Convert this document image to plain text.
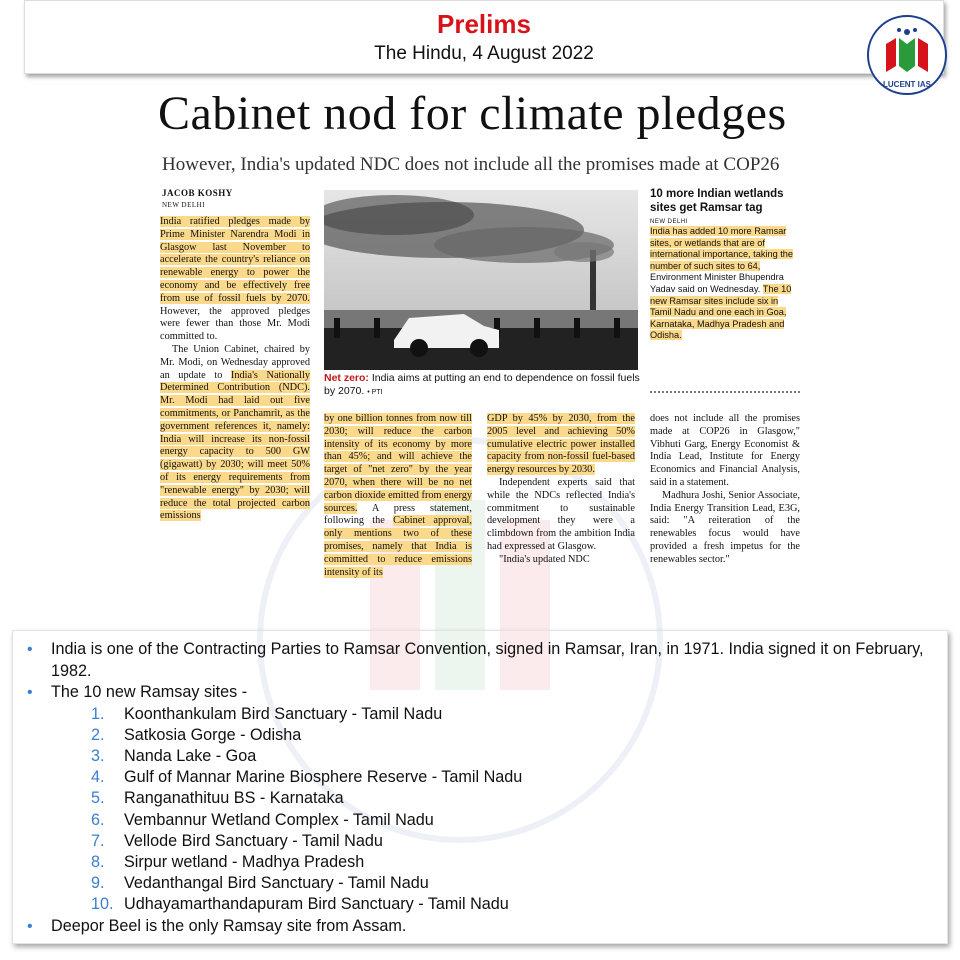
Prelims
The Hindu, 4 August 2022
LUCENT IAS
Cabinet nod for climate pledges
However, India's updated NDC does not include all the promises made at COP26
JACOB KOSHY
NEW DELHI

India ratified pledges made by Prime Minister Narendra Modi in Glasgow last November to accelerate the country's reliance on renewable energy to power the economy and be effectively free from use of fossil fuels by 2070. However, the approved pledges were fewer than those Mr. Modi committed to.

The Union Cabinet, chaired by Mr. Modi, on Wednesday approved an update to India's Nationally Determined Contribution (NDC). Mr. Modi had laid out five commitments, or Panchamrit, as the government references it, namely: India will increase its non-fossil energy capacity to 500 GW (gigawatt) by 2030; will meet 50% of its energy requirements from "renewable energy" by 2030; will reduce the total projected carbon emissions

Net zero: India aims at putting an end to dependence on fossil fuels by 2070. • PTI
10 more Indian wetlands sites get Ramsar tag
NEW DELHI
India has added 10 more Ramsar sites, or wetlands that are of international importance, taking the number of such sites to 64, Environment Minister Bhupendra Yadav said on Wednesday. The 10 new Ramsar sites include six in Tamil Nadu and one each in Goa, Karnataka, Madhya Pradesh and Odisha.

by one billion tonnes from now till 2030; will reduce the carbon intensity of its economy by more than 45%; and will achieve the target of "net zero" by the year 2070, when there will be no net carbon dioxide emitted from energy sources. A press statement, following the Cabinet approval, only mentions two of these promises, namely that India is committed to reduce emissions intensity of its

GDP by 45% by 2030, from the 2005 level and achieving 50% cumulative electric power installed capacity from non-fossil fuel-based energy resources by 2030.

Independent experts said that while the NDCs reflected India's commitment to sustainable development they were a climbdown from the ambition India had expressed at Glasgow.

"India's updated NDC

does not include all the promises made at COP26 in Glasgow," Vibhuti Garg, Energy Economist & India Lead, Institute for Energy Economics and Financial Analysis, said in a statement.

Madhura Joshi, Senior Associate, India Energy Transition Lead, E3G, said: "A reiteration of the renewables focus would have provided a fresh impetus for the renewables sector."

• India is one of the Contracting Parties to Ramsar Convention, signed in Ramsar, Iran, in 1971. India signed it on February, 1982.
• The 10 new Ramsay sites -
1. Koonthankulam Bird Sanctuary - Tamil Nadu
2. Satkosia Gorge - Odisha
3. Nanda Lake - Goa
4. Gulf of Mannar Marine Biosphere Reserve - Tamil Nadu
5. Ranganathituu BS - Karnataka
6. Vembannur Wetland Complex - Tamil Nadu
7. Vellode Bird Sanctuary - Tamil Nadu
8. Sirpur wetland - Madhya Pradesh
9. Vedanthangal Bird Sanctuary - Tamil Nadu
10. Udhayamarthandapuram Bird Sanctuary - Tamil Nadu
• Deepor Beel is the only Ramsay site from Assam.
